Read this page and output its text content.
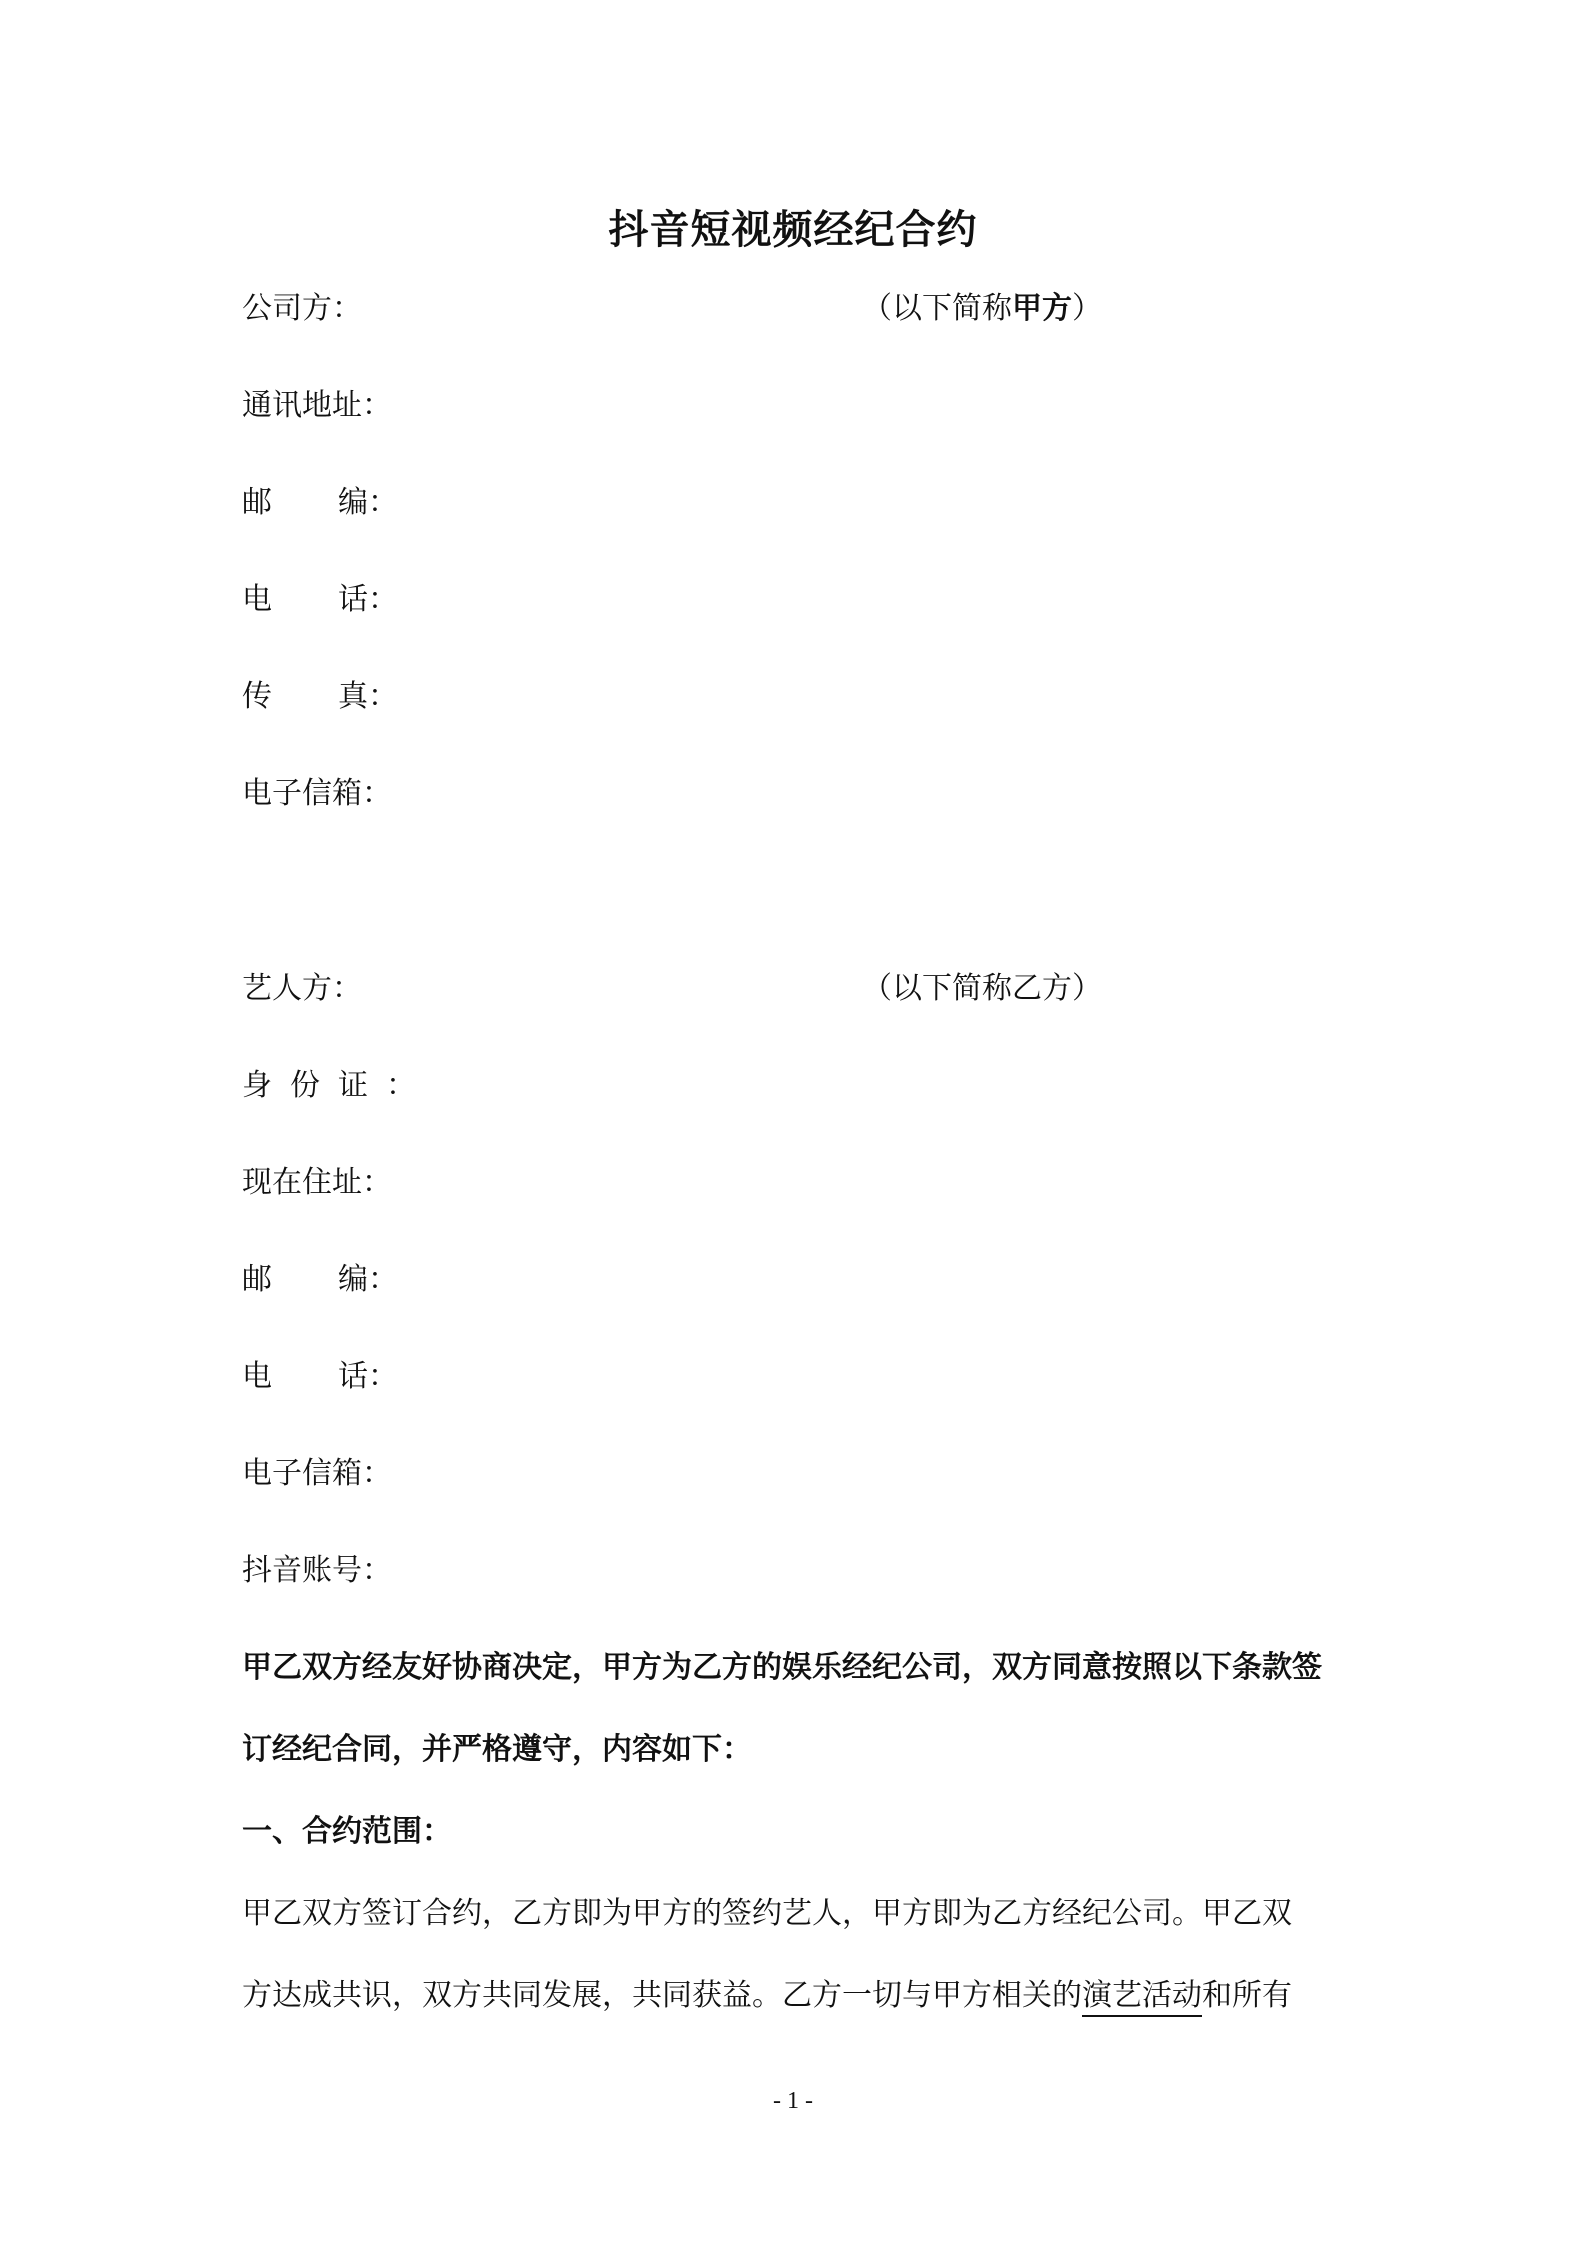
抖音短视频经纪合约
公司方：	（以下简称甲方）
通讯地址：
邮 编：
电 话：
传 真：
电子信箱：
艺人方：	（以下简称乙方）
身份证：
现在住址：
邮 编：
电 话：
电子信箱：
抖音账号：
甲乙双方经友好协商决定，甲方为乙方的娱乐经纪公司，双方同意按照以下条款签
订经纪合同，并严格遵守，内容如下：
一、合约范围：
甲乙双方签订合约，乙方即为甲方的签约艺人，甲方即为乙方经纪公司。甲乙双
方达成共识，双方共同发展，共同获益。乙方一切与甲方相关的演艺活动和所有
- 1 -
